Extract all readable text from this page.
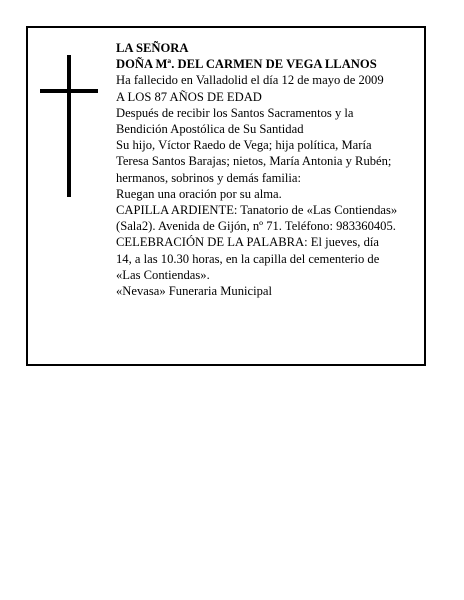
LA SEÑORA
DOÑA Mª. DEL CARMEN DE VEGA LLANOS
Ha fallecido en Valladolid el día 12 de mayo de 2009
A LOS 87 AÑOS DE EDAD
Después de recibir los Santos Sacramentos y la
Bendición Apostólica de Su Santidad
Su hijo, Víctor Raedo de Vega; hija política, María
Teresa Santos Barajas; nietos, María Antonia y Rubén;
hermanos, sobrinos y demás familia:
Ruegan una oración por su alma.
CAPILLA ARDIENTE: Tanatorio de «Las Contiendas»
(Sala2). Avenida de Gijón, nº 71. Teléfono: 983360405.
CELEBRACIÓN DE LA PALABRA: El jueves, día
14, a las 10.30 horas, en la capilla del cementerio de
«Las Contiendas».
«Nevasa» Funeraria Municipal
